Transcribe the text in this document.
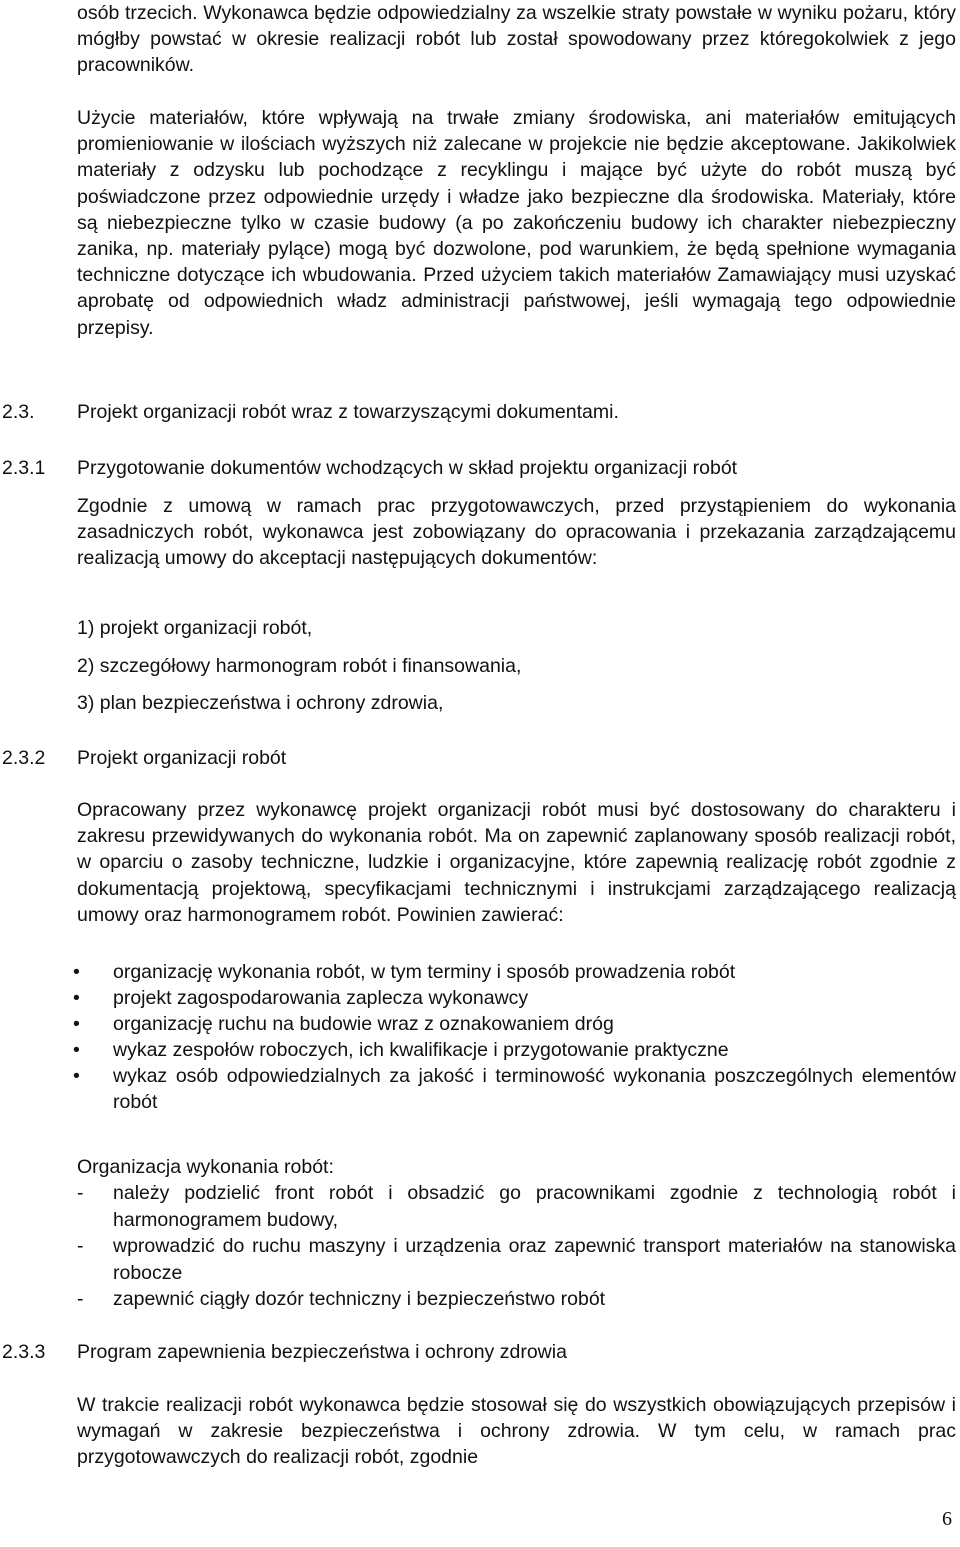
osób trzecich. Wykonawca będzie odpowiedzialny za wszelkie straty powstałe w wyniku pożaru, który mógłby powstać w okresie realizacji robót lub został spowodowany przez któregokolwiek z jego pracowników.
Użycie materiałów, które wpływają na trwałe zmiany środowiska, ani materiałów emitujących promieniowanie w ilościach wyższych niż zalecane w projekcie nie będzie akceptowane. Jakikolwiek materiały z odzysku lub pochodzące z recyklingu i mające być użyte do robót muszą być poświadczone przez odpowiednie urzędy i władze jako bezpieczne dla środowiska. Materiały, które są niebezpieczne tylko w czasie budowy (a po zakończeniu budowy ich charakter niebezpieczny zanika, np. materiały pylące) mogą być dozwolone, pod warunkiem, że będą spełnione wymagania techniczne dotyczące ich wbudowania. Przed użyciem takich materiałów Zamawiający musi uzyskać aprobatę od odpowiednich władz administracji państwowej, jeśli wymagają tego odpowiednie przepisy.
2.3. Projekt organizacji robót wraz z towarzyszącymi dokumentami.
2.3.1 Przygotowanie dokumentów wchodzących w skład projektu organizacji robót
Zgodnie z umową w ramach prac przygotowawczych, przed przystąpieniem do wykonania zasadniczych robót, wykonawca jest zobowiązany do opracowania i przekazania zarządzającemu realizacją umowy do akceptacji następujących dokumentów:
1) projekt organizacji robót,
2) szczegółowy harmonogram robót i finansowania,
3) plan bezpieczeństwa i ochrony zdrowia,
2.3.2 Projekt organizacji robót
Opracowany przez wykonawcę projekt organizacji robót musi być dostosowany do charakteru i zakresu przewidywanych do wykonania robót. Ma on zapewnić zaplanowany sposób realizacji robót, w oparciu o zasoby techniczne, ludzkie i organizacyjne, które zapewnią realizację robót zgodnie z dokumentacją projektową, specyfikacjami technicznymi i instrukcjami zarządzającego realizacją umowy oraz harmonogramem robót. Powinien zawierać:
• organizację wykonania robót, w tym terminy i sposób prowadzenia robót
• projekt zagospodarowania zaplecza wykonawcy
• organizację ruchu na budowie wraz z oznakowaniem dróg
• wykaz zespołów roboczych, ich kwalifikacje i przygotowanie praktyczne
• wykaz osób odpowiedzialnych za jakość i terminowość wykonania poszczególnych elementów robót
Organizacja wykonania robót:
- należy podzielić front robót i obsadzić go pracownikami zgodnie z technologią robót i harmonogramem budowy,
- wprowadzić do ruchu maszyny i urządzenia oraz zapewnić transport materiałów na stanowiska robocze
- zapewnić ciągły dozór techniczny i bezpieczeństwo robót
2.3.3 Program zapewnienia bezpieczeństwa i ochrony zdrowia
W trakcie realizacji robót wykonawca będzie stosował się do wszystkich obowiązujących przepisów i wymagań w zakresie bezpieczeństwa i ochrony zdrowia. W tym celu, w ramach prac przygotowawczych do realizacji robót, zgodnie
6
